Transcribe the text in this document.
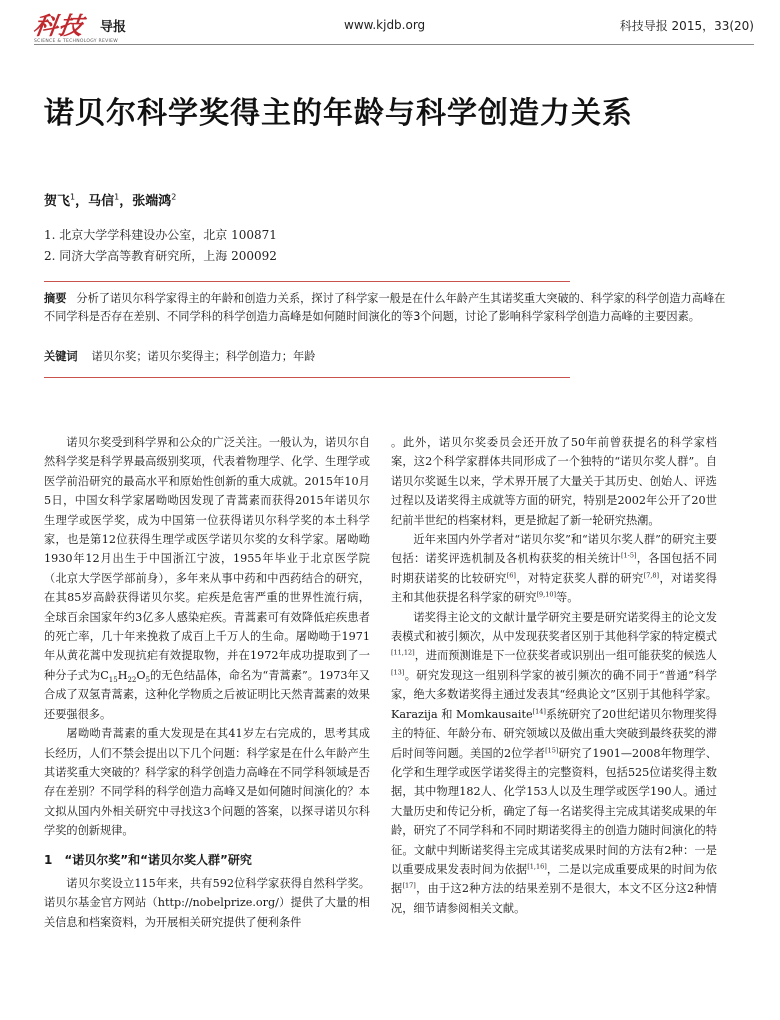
科技 导报
SCIENCE & TECHNOLOGY REVIEW
www.kjdb.org	科技导报 2015，33(20)
诺贝尔科学奖得主的年龄与科学创造力关系
贺飞$^1$，马信$^1$，张端鸿$^2$
1. 北京大学学科建设办公室，北京 100871
2. 同济大学高等教育研究所，上海 200092
摘要 分析了诺贝尔科学家得主的年龄和创造力关系，探讨了科学家一般是在什么年龄产生其诺奖重大突破的、科学家的科学创造力高峰在不同学科是否存在差别、不同学科的科学创造力高峰是如何随时间演化的等3个问题，讨论了影响科学家科学创造力高峰的主要因素。
关键词 诺贝尔奖；诺贝尔奖得主；科学创造力；年龄

诺贝尔奖受到科学界和公众的广泛关注。一般认为，诺贝尔自然科学奖是科学界最高级别奖项，代表着物理学、化学、生理学或医学前沿研究的最高水平和原始性创新的重大成就。2015年10月5日，中国女科学家屠呦呦因发现了青蒿素而获得2015年诺贝尔生理学或医学奖，成为中国第一位获得诺贝尔科学奖的本土科学家，也是第12位获得生理学或医学诺贝尔奖的女科学家。屠呦呦1930年12月出生于中国浙江宁波，1955年毕业于北京医学院（北京大学医学部前身），多年来从事中药和中西药结合的研究，在其85岁高龄获得诺贝尔奖。疟疾是危害严重的世界性流行病，全球百余国家年约3亿多人感染疟疾。青蒿素可有效降低疟疾患者的死亡率，几十年来挽救了成百上千万人的生命。屠呦呦于1971年从黄花蒿中发现抗疟有效提取物，并在1972年成功提取到了一种分子式为$C_{15}H_{22}O_5$的无色结晶体，命名为“青蒿素”。1973年又合成了双氢青蒿素，这种化学物质之后被证明比天然青蒿素的效果还要强很多。

屠呦呦青蒿素的重大发现是在其41岁左右完成的，思考其成长经历，人们不禁会提出以下几个问题：科学家是在什么年龄产生其诺奖重大突破的？科学家的科学创造力高峰在不同学科领域是否存在差别？不同学科的科学创造力高峰又是如何随时间演化的？本文拟从国内外相关研究中寻找这3个问题的答案，以探寻诺贝尔科学奖的创新规律。

1　“诺贝尔奖”和“诺贝尔奖人群”研究

诺贝尔奖设立115年来，共有592位科学家获得自然科学奖。诺贝尔基金官方网站（http://nobelprize.org/）提供了大量的相关信息和档案资料，为开展相关研究提供了便利条件

。此外，诺贝尔奖委员会还开放了50年前曾获提名的科学家档案，这2个科学家群体共同形成了一个独特的“诺贝尔奖人群”。自诺贝尔奖诞生以来，学术界开展了大量关于其历史、创始人、评选过程以及诺奖得主成就等方面的研究，特别是2002年公开了20世纪前半世纪的档案材料，更是掀起了新一轮研究热潮。

近年来国内外学者对“诺贝尔奖”和“诺贝尔奖人群”的研究主要包括：诺奖评选机制及各机构获奖的相关统计[1-5]，各国包括不同时期获诺奖的比较研究[6]，对特定获奖人群的研究[7,8]，对诺奖得主和其他获提名科学家的研究[9,10]等。

诺奖得主论文的文献计量学研究主要是研究诺奖得主的论文发表模式和被引频次，从中发现获奖者区别于其他科学家的特定模式[11,12]，进而预测谁是下一位获奖者或识别出一组可能获奖的候选人[13]。研究发现这一组别科学家的被引频次的确不同于“普通”科学家，绝大多数诺奖得主通过发表其“经典论文”区别于其他科学家。Karazija 和 Momkausaite[14]系统研究了20世纪诺贝尔物理奖得主的特征、年龄分布、研究领域以及做出重大突破到最终获奖的滞后时间等问题。美国的2位学者[15]研究了1901—2008年物理学、化学和生理学或医学诺奖得主的完整资料，包括525位诺奖得主数据，其中物理182人、化学153人以及生理学或医学190人。通过大量历史和传记分析，确定了每一名诺奖得主完成其诺奖成果的年龄，研究了不同学科和不同时期诺奖得主的创造力随时间演化的特征。文献中判断诺奖得主完成其诺奖成果时间的方法有2种：一是以重要成果发表时间为依据[1,16]，二是以完成重要成果的时间为依据[17]，由于这2种方法的结果差别不是很大，本文不区分这2种情况，细节请参阅相关文献。
